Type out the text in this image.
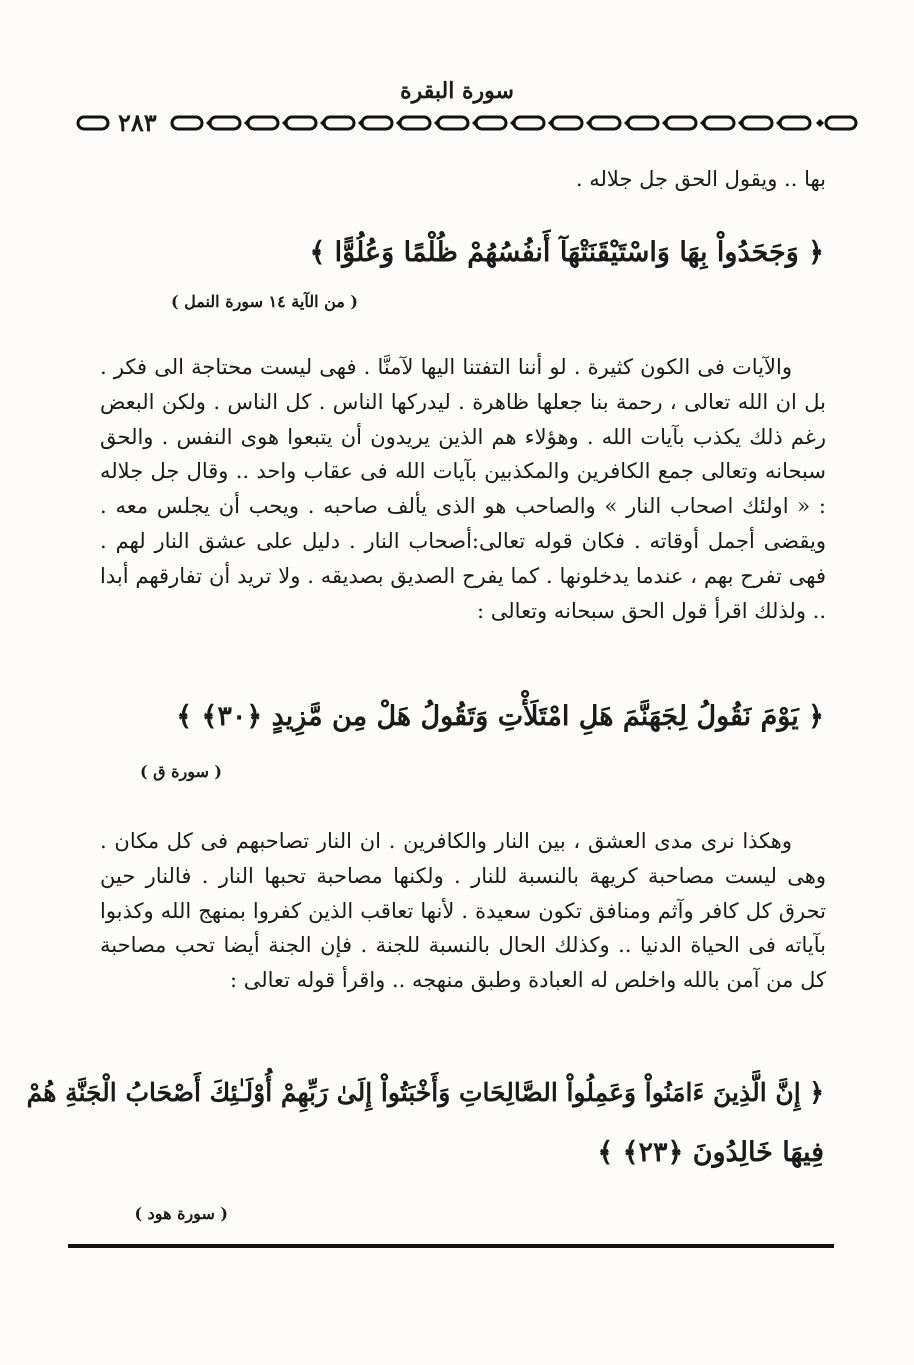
سورة البقرة
٢٨٣
بها .. ويقول الحق جل جلاله .
﴿ وَجَحَدُواْ بِهَا وَاسْتَيْقَنَتْهَآ أَنفُسُهُمْ ظُلْمًا وَعُلُوًّا ﴾
( من الآية ١٤ سورة النمل )
والآيات فى الكون كثيرة . لو أننا التفتنا اليها لآمنَّا . فهى ليست محتاجة الى فكر . بل ان الله تعالى ، رحمة بنا جعلها ظاهرة . ليدركها الناس . كل الناس . ولكن البعض رغم ذلك يكذب بآيات الله . وهؤلاء هم الذين يريدون أن يتبعوا هوى النفس . والحق سبحانه وتعالى جمع الكافرين والمكذبين بآيات الله فى عقاب واحد .. وقال جل جلاله : « اولئك اصحاب النار » والصاحب هو الذى يألف صاحبه . ويحب أن يجلس معه . ويقضى أجمل أوقاته . فكان قوله تعالى:أصحاب النار . دليل على عشق النار لهم . فهى تفرح بهم ، عندما يدخلونها . كما يفرح الصديق بصديقه . ولا تريد أن تفارقهم أبدا .. ولذلك اقرأ قول الحق سبحانه وتعالى :
﴿ يَوْمَ نَقُولُ لِجَهَنَّمَ هَلِ امْتَلَأْتِ وَتَقُولُ هَلْ مِن مَّزِيدٍ ﴿٣٠﴾ ﴾
( سورة ق )
وهكذا نرى مدى العشق ، بين النار والكافرين . ان النار تصاحبهم فى كل مكان . وهى ليست مصاحبة كريهة بالنسبة للنار . ولكنها مصاحبة تحبها النار . فالنار حين تحرق كل كافر وآثم ومنافق تكون سعيدة . لأنها تعاقب الذين كفروا بمنهج الله وكذبوا بآياته فى الحياة الدنيا .. وكذلك الحال بالنسبة للجنة . فإن الجنة أيضا تحب مصاحبة كل من آمن بالله واخلص له العبادة وطبق منهجه .. واقرأ قوله تعالى :
﴿ إِنَّ الَّذِينَ ءَامَنُواْ وَعَمِلُواْ الصَّالِحَاتِ وَأَخْبَتُواْ إِلَىٰ رَبِّهِمْ أُوْلَـٰئِكَ أَصْحَابُ الْجَنَّةِ هُمْ
فِيهَا خَالِدُونَ ﴿٢٣﴾ ﴾
( سورة هود )
